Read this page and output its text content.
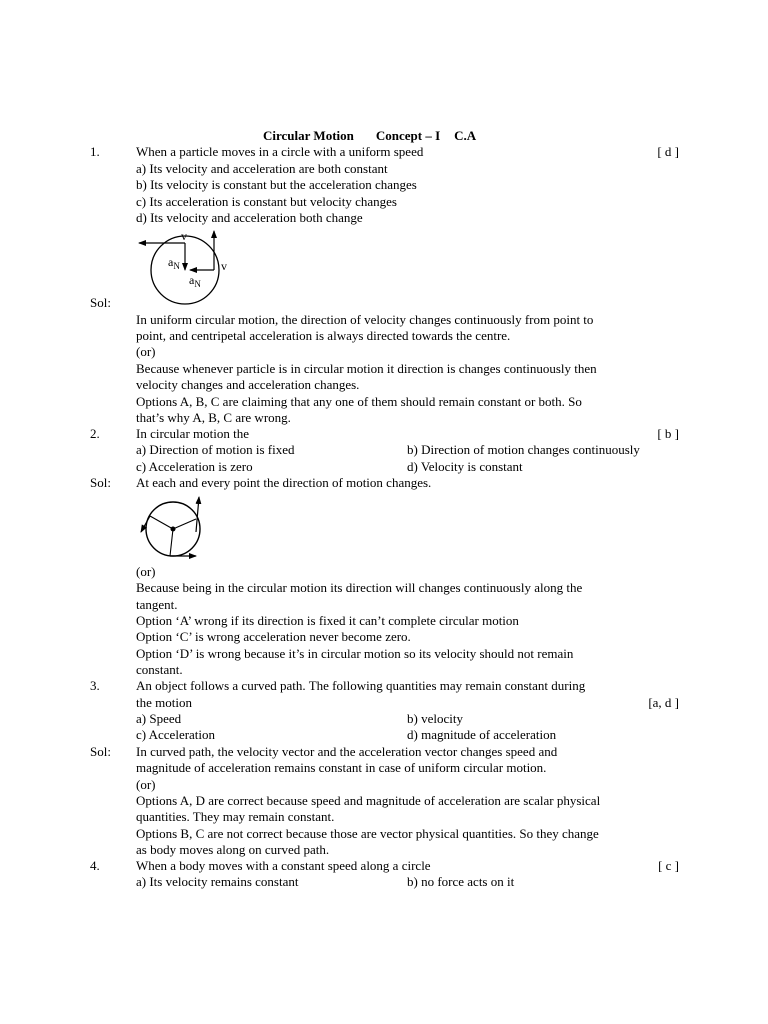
Circular Motion Concept – I C.A
1.	When a particle moves in a circle with a uniform speed	[ d ]
a) Its velocity and acceleration are both constant
b) Its velocity is constant but the acceleration changes
c) Its acceleration is constant but velocity changes
d) Its velocity and acceleration both change
v
v
$a_N$
$a_N$
Sol:
In uniform circular motion, the direction of velocity changes continuously from point to
point, and centripetal acceleration is always directed towards the centre.
(or)
Because whenever particle is in circular motion it direction is changes continuously then
velocity changes and acceleration changes.
Options A, B, C are claiming that any one of them should remain constant or both. So
that’s why A, B, C are wrong.
2.	In circular motion the	[ b ]
a) Direction of motion is fixed	b) Direction of motion changes continuously
c) Acceleration is zero	d) Velocity is constant
Sol: At each and every point the direction of motion changes.
(or)
Because being in the circular motion its direction will changes continuously along the
tangent.
Option ‘A’ wrong if its direction is fixed it can’t complete circular motion
Option ‘C’ is wrong acceleration never become zero.
Option ‘D’ is wrong because it’s in circular motion so its velocity should not remain
constant.
3.	An object follows a curved path. The following quantities may remain constant during
the motion	[a, d ]
a) Speed	b) velocity
c) Acceleration	d) magnitude of acceleration
Sol: In curved path, the velocity vector and the acceleration vector changes speed and
magnitude of acceleration remains constant in case of uniform circular motion.
(or)
Options A, D are correct because speed and magnitude of acceleration are scalar physical
quantities. They may remain constant.
Options B, C are not correct because those are vector physical quantities. So they change
as body moves along on curved path.
4.	When a body moves with a constant speed along a circle	[ c ]
a) Its velocity remains constant	b) no force acts on it
